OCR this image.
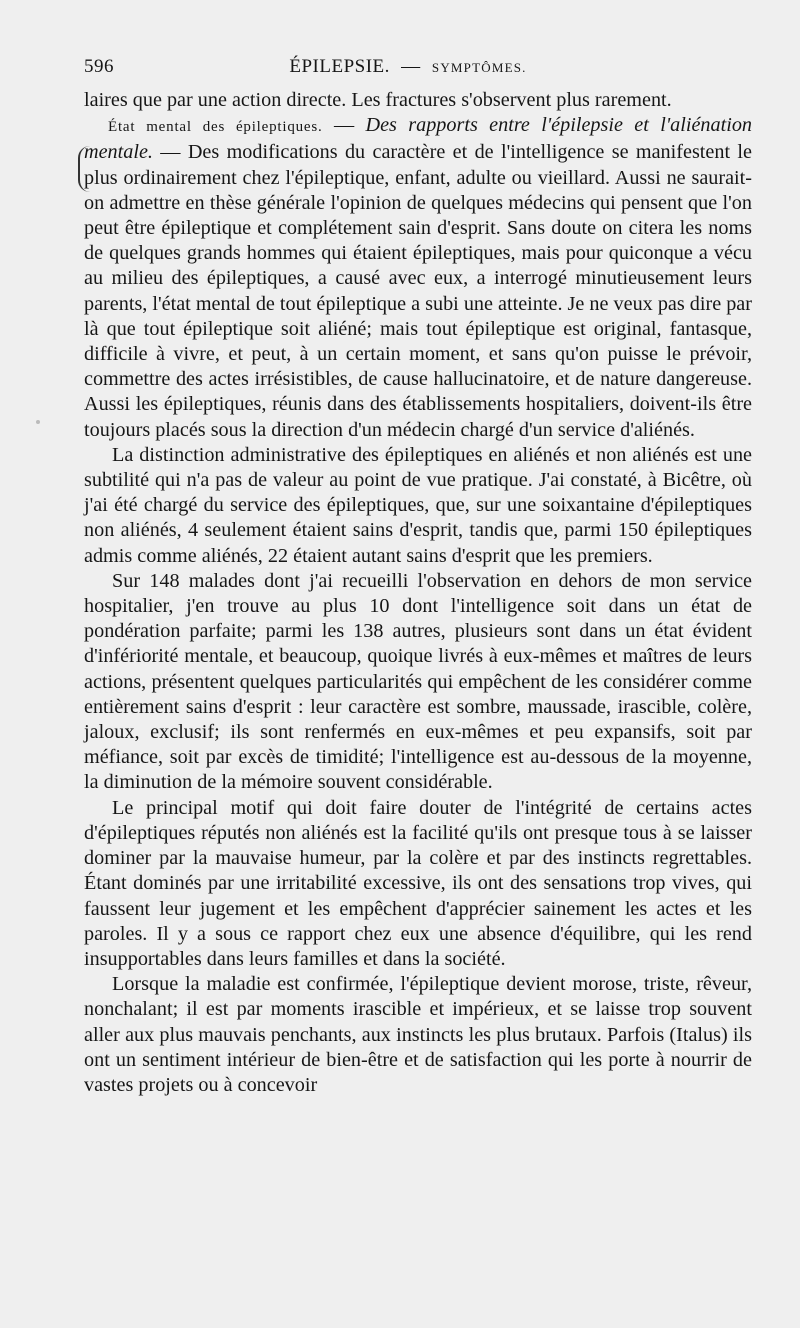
596	ÉPILEPSIE. — SYMPTÔMES.

laires que par une action directe. Les fractures s'observent plus rarement.

État mental des épileptiques. — Des rapports entre l'épilepsie et l'aliénation mentale. — Des modifications du caractère et de l'intelligence se manifestent le plus ordinairement chez l'épileptique, enfant, adulte ou vieillard. Aussi ne saurait-on admettre en thèse générale l'opinion de quelques médecins qui pensent que l'on peut être épileptique et complétement sain d'esprit. Sans doute on citera les noms de quelques grands hommes qui étaient épileptiques, mais pour quiconque a vécu au milieu des épileptiques, a causé avec eux, a interrogé minutieusement leurs parents, l'état mental de tout épileptique a subi une atteinte. Je ne veux pas dire par là que tout épileptique soit aliéné; mais tout épileptique est original, fantasque, difficile à vivre, et peut, à un certain moment, et sans qu'on puisse le prévoir, commettre des actes irrésistibles, de cause hallucinatoire, et de nature dangereuse. Aussi les épileptiques, réunis dans des établissements hospitaliers, doivent-ils être toujours placés sous la direction d'un médecin chargé d'un service d'aliénés.

La distinction administrative des épileptiques en aliénés et non aliénés est une subtilité qui n'a pas de valeur au point de vue pratique. J'ai constaté, à Bicêtre, où j'ai été chargé du service des épileptiques, que, sur une soixantaine d'épileptiques non aliénés, 4 seulement étaient sains d'esprit, tandis que, parmi 150 épileptiques admis comme aliénés, 22 étaient autant sains d'esprit que les premiers.

Sur 148 malades dont j'ai recueilli l'observation en dehors de mon service hospitalier, j'en trouve au plus 10 dont l'intelligence soit dans un état de pondération parfaite; parmi les 138 autres, plusieurs sont dans un état évident d'infériorité mentale, et beaucoup, quoique livrés à eux-mêmes et maîtres de leurs actions, présentent quelques particularités qui empêchent de les considérer comme entièrement sains d'esprit : leur caractère est sombre, maussade, irascible, colère, jaloux, exclusif; ils sont renfermés en eux-mêmes et peu expansifs, soit par méfiance, soit par excès de timidité; l'intelligence est au-dessous de la moyenne, la diminution de la mémoire souvent considérable.

Le principal motif qui doit faire douter de l'intégrité de certains actes d'épileptiques réputés non aliénés est la facilité qu'ils ont presque tous à se laisser dominer par la mauvaise humeur, par la colère et par des instincts regrettables. Étant dominés par une irritabilité excessive, ils ont des sensations trop vives, qui faussent leur jugement et les empêchent d'apprécier sainement les actes et les paroles. Il y a sous ce rapport chez eux une absence d'équilibre, qui les rend insupportables dans leurs familles et dans la société.

Lorsque la maladie est confirmée, l'épileptique devient morose, triste, rêveur, nonchalant; il est par moments irascible et impérieux, et se laisse trop souvent aller aux plus mauvais penchants, aux instincts les plus brutaux. Parfois (Italus) ils ont un sentiment intérieur de bien-être et de satisfaction qui les porte à nourrir de vastes projets ou à concevoir
